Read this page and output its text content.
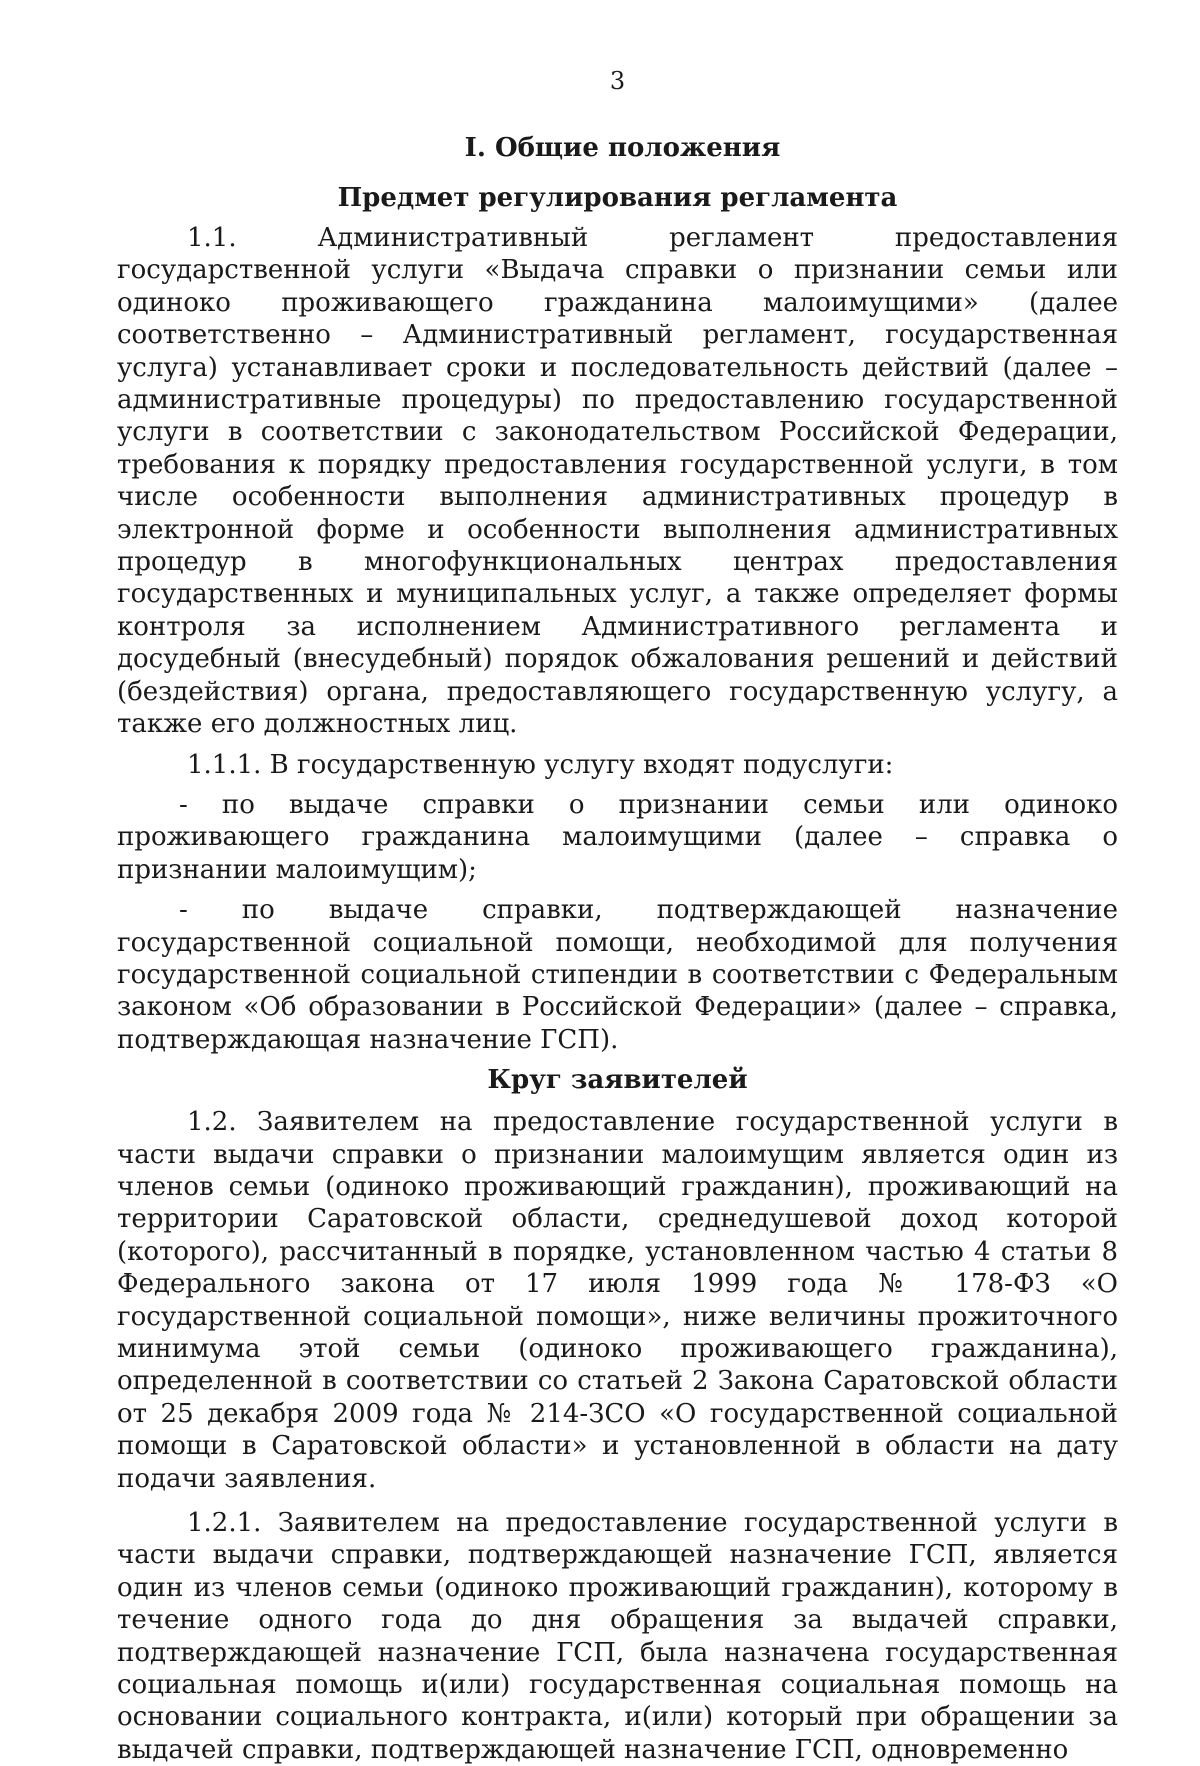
3
I. Общие положения
Предмет регулирования регламента

1.1. Административный регламент предоставления государственной услуги «Выдача справки о признании семьи или одиноко проживающего гражданина малоимущими» (далее соответственно – Административный регламент, государственная услуга) устанавливает сроки и последовательность действий (далее – административные процедуры) по предоставлению государственной услуги в соответствии с законодательством Российской Федерации, требования к порядку предоставления государственной услуги, в том числе особенности выполнения административных процедур в электронной форме и особенности выполнения административных процедур в многофункциональных центрах предоставления государственных и муниципальных услуг, а также определяет формы контроля за исполнением Административного регламента и досудебный (внесудебный) порядок обжалования решений и действий (бездействия) органа, предоставляющего государственную услугу, а также его должностных лиц.

1.1.1. В государственную услугу входят подуслуги:

- по выдаче справки о признании семьи или одиноко проживающего гражданина малоимущими (далее – справка о признании малоимущим);

- по выдаче справки, подтверждающей назначение государственной социальной помощи, необходимой для получения государственной социальной стипендии в соответствии с Федеральным законом «Об образовании в Российской Федерации» (далее – справка, подтверждающая назначение ГСП).

Круг заявителей

1.2. Заявителем на предоставление государственной услуги в части выдачи справки о признании малоимущим является один из членов семьи (одиноко проживающий гражданин), проживающий на территории Саратовской области, среднедушевой доход которой (которого), рассчитанный в порядке, установленном частью 4 статьи 8 Федерального закона от 17 июля 1999 года № 178-ФЗ «О государственной социальной помощи», ниже величины прожиточного минимума этой семьи (одиноко проживающего гражданина), определенной в соответствии со статьей 2 Закона Саратовской области от 25 декабря 2009 года № 214-ЗСО «О государственной социальной помощи в Саратовской области» и установленной в области на дату подачи заявления.

1.2.1. Заявителем на предоставление государственной услуги в части выдачи справки, подтверждающей назначение ГСП, является один из членов семьи (одиноко проживающий гражданин), которому в течение одного года до дня обращения за выдачей справки, подтверждающей назначение ГСП, была назначена государственная социальная помощь и(или) государственная социальная помощь на основании социального контракта, и(или) который при обращении за выдачей справки, подтверждающей назначение ГСП, одновременно
